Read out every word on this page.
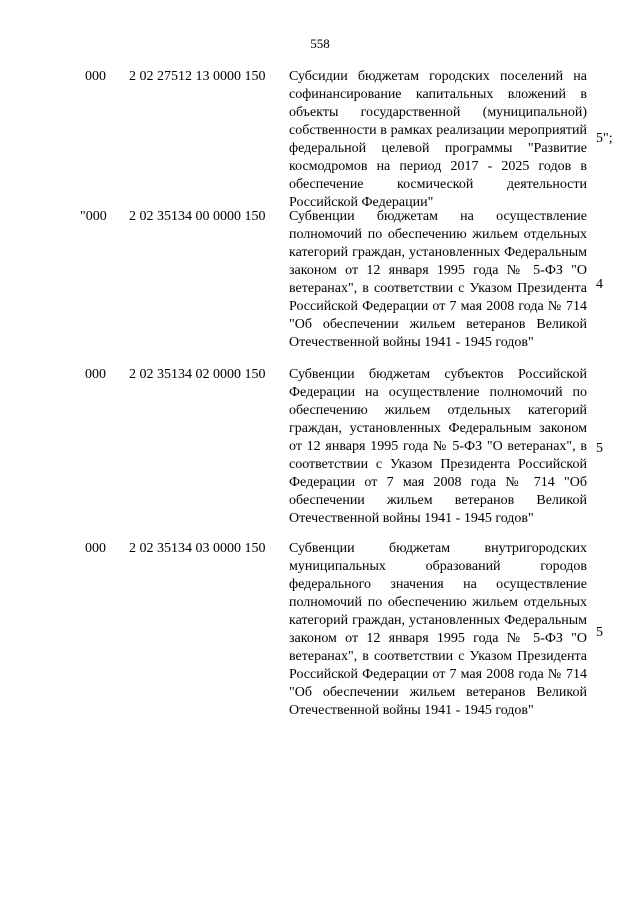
558
000 2 02 27512 13 0000 150 Субсидии бюджетам городских поселений на софинансирование капитальных вложений в объекты государственной (муниципальной) собственности в рамках реализации мероприятий федеральной целевой программы "Развитие космодромов на период 2017 - 2025 годов в обеспечение космической деятельности Российской Федерации"
5";
"000 2 02 35134 00 0000 150 Субвенции бюджетам на осуществление полномочий по обеспечению жильем отдельных категорий граждан, установленных Федеральным законом от 12 января 1995 года № 5-ФЗ "О ветеранах", в соответствии с Указом Президента Российской Федерации от 7 мая 2008 года № 714 "Об обеспечении жильем ветеранов Великой Отечественной войны 1941 - 1945 годов"
4
000 2 02 35134 02 0000 150 Субвенции бюджетам субъектов Российской Федерации на осуществление полномочий по обеспечению жильем отдельных категорий граждан, установленных Федеральным законом от 12 января 1995 года № 5-ФЗ "О ветеранах", в соответствии с Указом Президента Российской Федерации от 7 мая 2008 года № 714 "Об обеспечении жильем ветеранов Великой Отечественной войны 1941 - 1945 годов"
5
000 2 02 35134 03 0000 150 Субвенции бюджетам внутригородских муниципальных образований городов федерального значения на осуществление полномочий по обеспечению жильем отдельных категорий граждан, установленных Федеральным законом от 12 января 1995 года № 5-ФЗ "О ветеранах", в соответствии с Указом Президента Российской Федерации от 7 мая 2008 года № 714 "Об обеспечении жильем ветеранов Великой Отечественной войны 1941 - 1945 годов"
5
